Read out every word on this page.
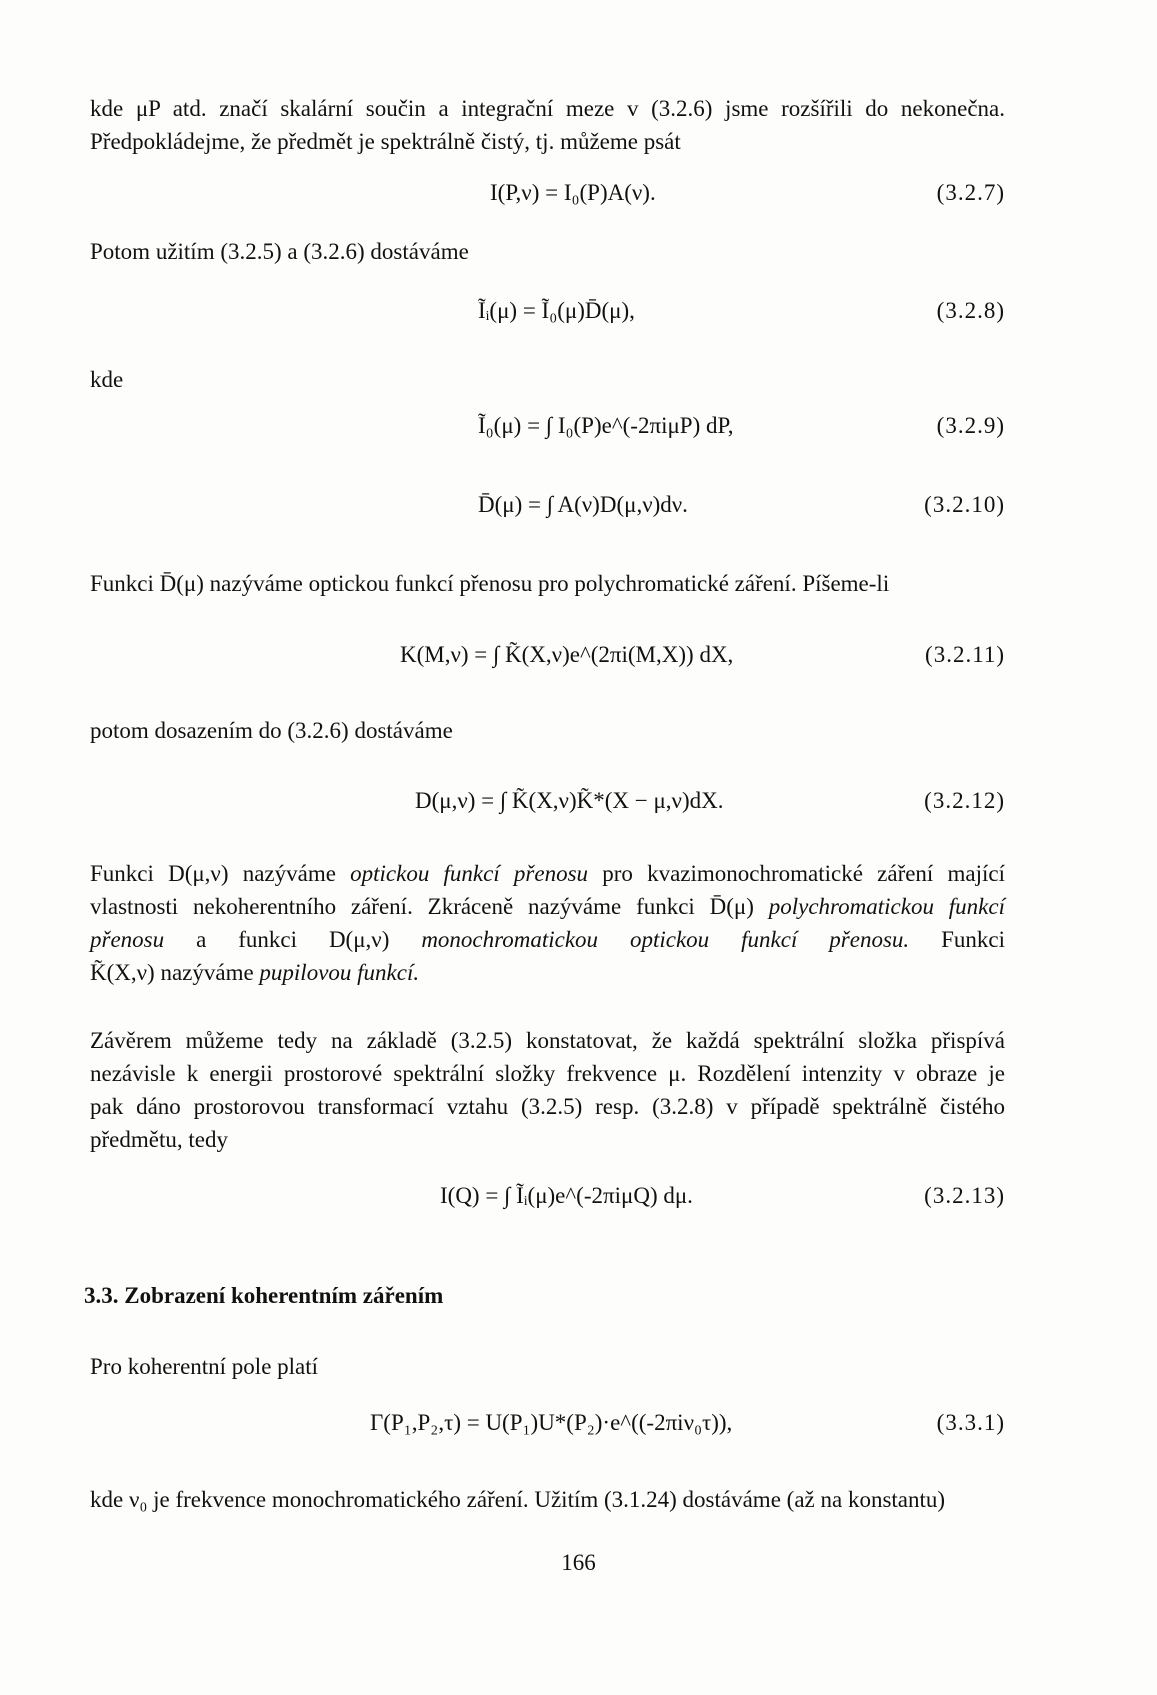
kde μP atd. značí skalární součin a integrační meze v (3.2.6) jsme rozšířili do nekonečna.

Předpokládejme, že předmět je spektrálně čistý, tj. můžeme psát

I(P,ν) = I₀(P)A(ν).	(3.2.7)

Potom užitím (3.2.5) a (3.2.6) dostáváme

Ĩᵢ(μ) = Ĩ₀(μ)D̄(μ),	(3.2.8)

kde

Ĩ₀(μ) = ∫ I₀(P)e^(-2πiμP) dP,	(3.2.9)
D̄(μ) = ∫ A(ν)D(μ,ν)dν.	(3.2.10)

Funkci D̄(μ) nazýváme optickou funkcí přenosu pro polychromatické záření. Píšeme-li

K(M,ν) = ∫ K̃(X,ν)e^(2πi(M,X)) dX,	(3.2.11)

potom dosazením do (3.2.6) dostáváme

D(μ,ν) = ∫ K̃(X,ν)K̃*(X − μ,ν)dX.	(3.2.12)
Funkci D(μ,ν) nazýváme optickou funkcí přenosu pro kvazimonochromatické záření mající
vlastnosti nekoherentního záření. Zkráceně nazýváme funkci D̄(μ) polychromatickou funkcí
přenosu a funkci D(μ,ν) monochromatickou optickou funkcí přenosu. Funkci
K̃(X,ν) nazýváme pupilovou funkcí.
Závěrem můžeme tedy na základě (3.2.5) konstatovat, že každá spektrální složka přispívá
nezávisle k energii prostorové spektrální složky frekvence μ. Rozdělení intenzity v obraze je
pak dáno prostorovou transformací vztahu (3.2.5) resp. (3.2.8) v případě spektrálně čistého
předmětu, tedy
I(Q) = ∫ Ĩᵢ(μ)e^(-2πiμQ) dμ.	(3.2.13)
3.3. Zobrazení koherentním zářením

Pro koherentní pole platí

Γ(P₁,P₂,τ) = U(P₁)U*(P₂)·e^((-2πiν₀τ)),	(3.3.1)

kde ν₀ je frekvence monochromatického záření. Užitím (3.1.24) dostáváme (až na konstantu)

166
